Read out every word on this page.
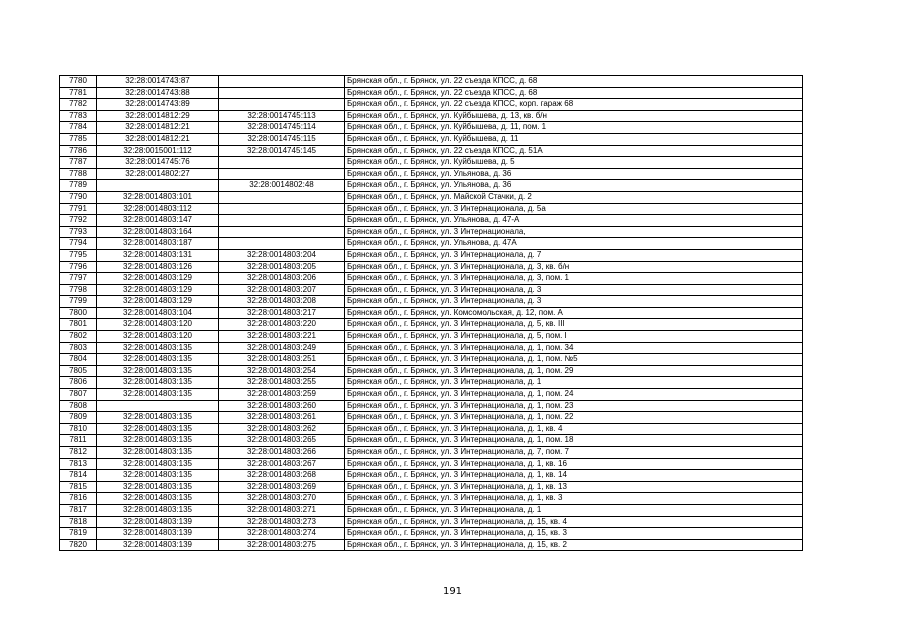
7780	32:28:0014743:87		Брянская обл., г. Брянск, ул. 22 съезда КПСС, д. 68
7781	32:28:0014743:88		Брянская обл., г. Брянск, ул. 22 съезда КПСС, д. 68
7782	32:28:0014743:89		Брянская обл., г. Брянск, ул. 22 съезда КПСС, корп. гараж 68
7783	32:28:0014812:29	32:28:0014745:113	Брянская обл., г. Брянск, ул. Куйбышева, д. 13, кв. б/н
7784	32:28:0014812:21	32:28:0014745:114	Брянская обл., г. Брянск, ул. Куйбышева, д. 11, пом. 1
7785	32:28:0014812:21	32:28:0014745:115	Брянская обл., г. Брянск, ул. Куйбышева, д. 11
7786	32:28:0015001:112	32:28:0014745:145	Брянская обл., г. Брянск, ул. 22 съезда КПСС, д. 51А
7787	32:28:0014745:76		Брянская обл., г. Брянск, ул. Куйбышева, д. 5
7788	32:28:0014802:27		Брянская обл., г. Брянск, ул. Ульянова, д. 36
7789		32:28:0014802:48	Брянская обл., г. Брянск, ул. Ульянова, д. 36
7790	32:28:0014803:101		Брянская обл., г. Брянск, ул. Майской Стачки, д. 2
7791	32:28:0014803:112		Брянская обл., г. Брянск, ул. 3 Интернационала, д. 5а
7792	32:28:0014803:147		Брянская обл., г. Брянск, ул. Ульянова, д. 47-А
7793	32:28:0014803:164		Брянская обл., г. Брянск, ул. 3 Интернационала,
7794	32:28:0014803:187		Брянская обл., г. Брянск, ул. Ульянова, д. 47А
7795	32:28:0014803:131	32:28:0014803:204	Брянская обл., г. Брянск, ул. 3 Интернационала, д. 7
7796	32:28:0014803:126	32:28:0014803:205	Брянская обл., г. Брянск, ул. 3 Интернационала, д. 3, кв. б/н
7797	32:28:0014803:129	32:28:0014803:206	Брянская обл., г. Брянск, ул. 3 Интернационала, д. 3, пом. 1
7798	32:28:0014803:129	32:28:0014803:207	Брянская обл., г. Брянск, ул. 3 Интернационала, д. 3
7799	32:28:0014803:129	32:28:0014803:208	Брянская обл., г. Брянск, ул. 3 Интернационала, д. 3
7800	32:28:0014803:104	32:28:0014803:217	Брянская обл., г. Брянск, ул. Комсомольская, д. 12, пом. А
7801	32:28:0014803:120	32:28:0014803:220	Брянская обл., г. Брянск, ул. 3 Интернационала, д. 5, кв. III
7802	32:28:0014803:120	32:28:0014803:221	Брянская обл., г. Брянск, ул. 3 Интернационала, д. 5, пом. I
7803	32:28:0014803:135	32:28:0014803:249	Брянская обл., г. Брянск, ул. 3 Интернационала, д. 1, пом. 34
7804	32:28:0014803:135	32:28:0014803:251	Брянская обл., г. Брянск, ул. 3 Интернационала, д. 1, пом. №5
7805	32:28:0014803:135	32:28:0014803:254	Брянская обл., г. Брянск, ул. 3 Интернационала, д. 1, пом. 29
7806	32:28:0014803:135	32:28:0014803:255	Брянская обл., г. Брянск, ул. 3 Интернационала, д. 1
7807	32:28:0014803:135	32:28:0014803:259	Брянская обл., г. Брянск, ул. 3 Интернационала, д. 1, пом. 24
7808		32:28:0014803:260	Брянская обл., г. Брянск, ул. 3 Интернационала, д. 1, пом. 23
7809	32:28:0014803:135	32:28:0014803:261	Брянская обл., г. Брянск, ул. 3 Интернационала, д. 1, пом. 22
7810	32:28:0014803:135	32:28:0014803:262	Брянская обл., г. Брянск, ул. 3 Интернационала, д. 1, кв. 4
7811	32:28:0014803:135	32:28:0014803:265	Брянская обл., г. Брянск, ул. 3 Интернационала, д. 1, пом. 18
7812	32:28:0014803:135	32:28:0014803:266	Брянская обл., г. Брянск, ул. 3 Интернационала, д. 7, пом. 7
7813	32:28:0014803:135	32:28:0014803:267	Брянская обл., г. Брянск, ул. 3 Интернационала, д. 1, кв. 16
7814	32:28:0014803:135	32:28:0014803:268	Брянская обл., г. Брянск, ул. 3 Интернационала, д. 1, кв. 14
7815	32:28:0014803:135	32:28:0014803:269	Брянская обл., г. Брянск, ул. 3 Интернационала, д. 1, кв. 13
7816	32:28:0014803:135	32:28:0014803:270	Брянская обл., г. Брянск, ул. 3 Интернационала, д. 1, кв. 3
7817	32:28:0014803:135	32:28:0014803:271	Брянская обл., г. Брянск, ул. 3 Интернационала, д. 1
7818	32:28:0014803:139	32:28:0014803:273	Брянская обл., г. Брянск, ул. 3 Интернационала, д. 15, кв. 4
7819	32:28:0014803:139	32:28:0014803:274	Брянская обл., г. Брянск, ул. 3 Интернационала, д. 15, кв. 3
7820	32:28:0014803:139	32:28:0014803:275	Брянская обл., г. Брянск, ул. 3 Интернационала, д. 15, кв. 2
191
